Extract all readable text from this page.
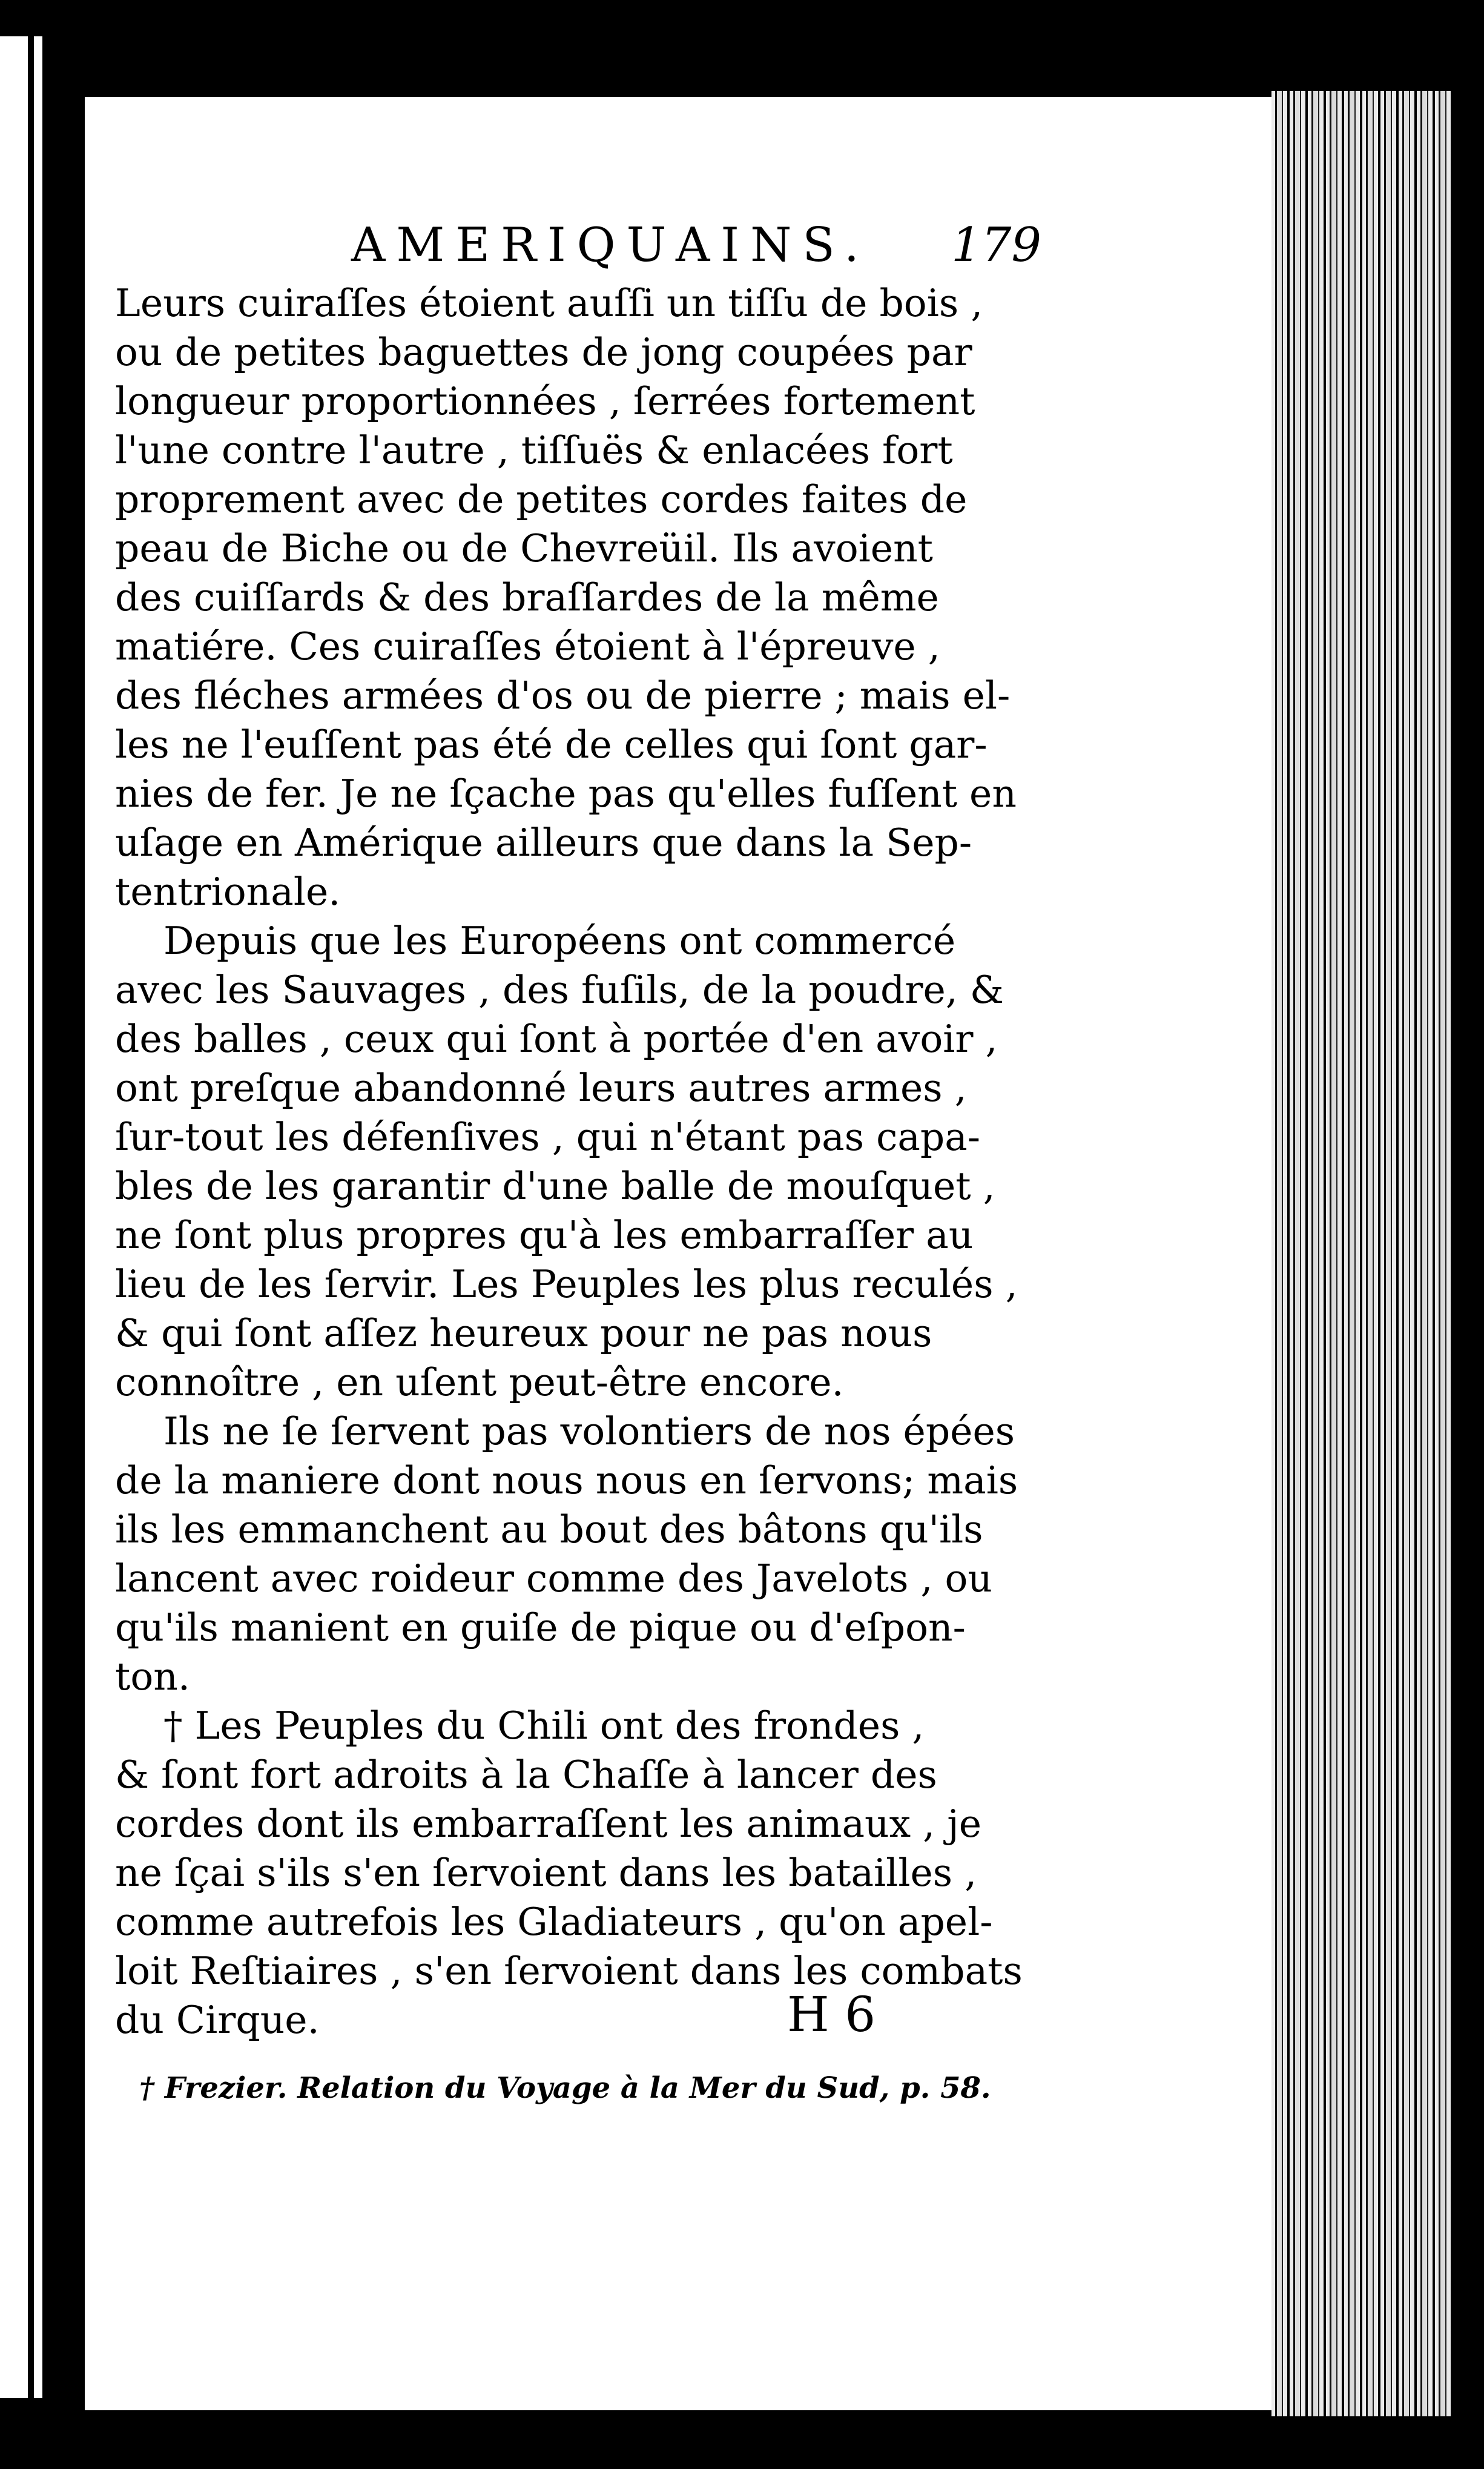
AMERIQUAINS. 179
Leurs cuiraſſes étoient auſſi un tiſſu de bois ,
ou de petites baguettes de jong coupées par
longueur proportionnées , ſerrées fortement
l'une contre l'autre , tiſſuës & enlacées fort
proprement avec de petites cordes faites de
peau de Biche ou de Chevreüil. Ils avoient
des cuiſſards & des braſſardes de la même
matiére. Ces cuiraſſes étoient à l'épreuve ,
des fléches armées d'os ou de pierre ; mais el-
les ne l'euſſent pas été de celles qui ſont gar-
nies de fer. Je ne ſçache pas qu'elles fuſſent en
uſage en Amérique ailleurs que dans la Sep-
tentrionale.
Depuis que les Européens ont commercé
avec les Sauvages , des fuſils, de la poudre, &
des balles , ceux qui ſont à portée d'en avoir ,
ont preſque abandonné leurs autres armes ,
ſur-tout les défenſives , qui n'étant pas capa-
bles de les garantir d'une balle de mouſquet ,
ne ſont plus propres qu'à les embarraſſer au
lieu de les ſervir. Les Peuples les plus reculés ,
& qui ſont aſſez heureux pour ne pas nous
connoître , en uſent peut-être encore.
Ils ne ſe ſervent pas volontiers de nos épées
de la maniere dont nous nous en ſervons; mais
ils les emmanchent au bout des bâtons qu'ils
lancent avec roideur comme des Javelots , ou
qu'ils manient en guiſe de pique ou d'eſpon-
ton.
† Les Peuples du Chili ont des frondes ,
& ſont fort adroits à la Chaſſe à lancer des
cordes dont ils embarraſſent les animaux , je
ne ſçai s'ils s'en ſervoient dans les batailles ,
comme autrefois les Gladiateurs , qu'on apel-
loit Reſtiaires , s'en ſervoient dans les combats
du Cirque.	H 6
† Frezier. Relation du Voyage à la Mer du Sud, p. 58.
